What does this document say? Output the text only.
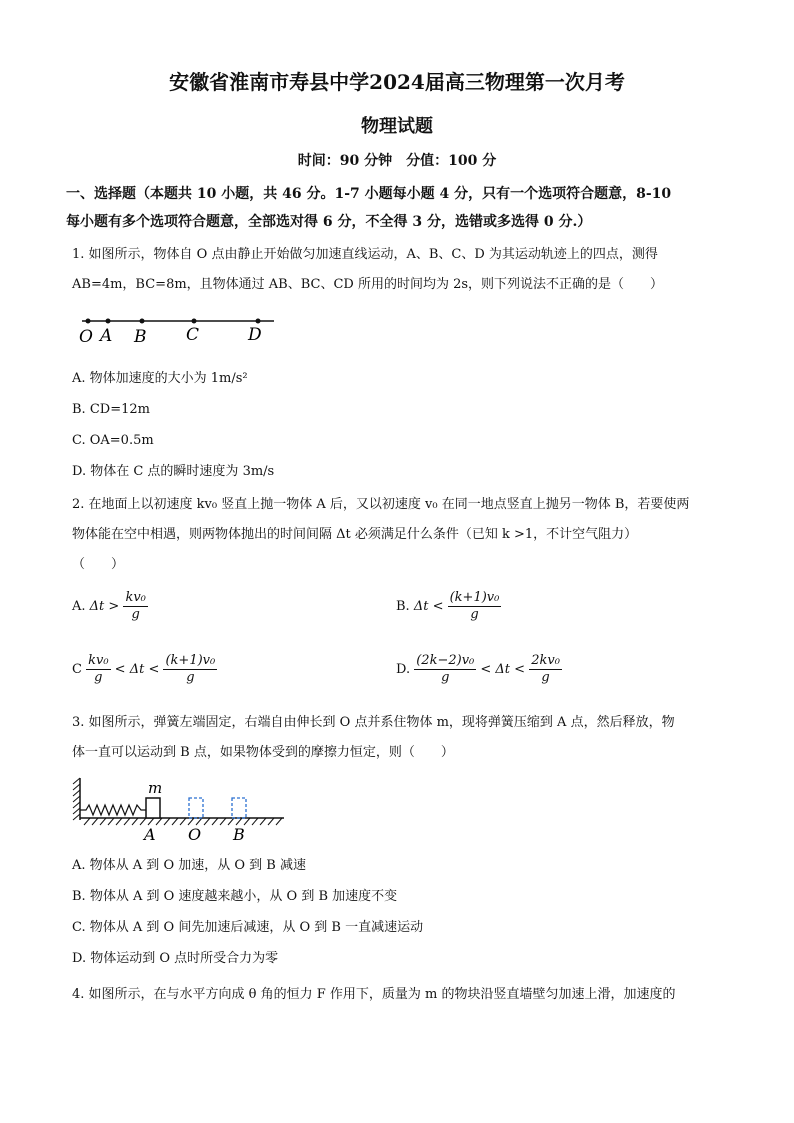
安徽省淮南市寿县中学2024届高三物理第一次月考
物理试题
时间：90 分钟　分值：100 分
一、选择题（本题共 10 小题，共 46 分。1-7 小题每小题 4 分，只有一个选项符合题意，8-10
每小题有多个选项符合题意，全部选对得 6 分，不全得 3 分，选错或多选得 0 分.）
1. 如图所示，物体自 O 点由静止开始做匀加速直线运动，A、B、C、D 为其运动轨迹上的四点，测得
AB=4m，BC=8m，且物体通过 AB、BC、CD 所用的时间均为 2s，则下列说法不正确的是（　　）
O A B C	D
A. 物体加速度的大小为 1m/s²
B. CD=12m
C. OA=0.5m
D. 物体在 C 点的瞬时速度为 3m/s
2. 在地面上以初速度 kv₀ 竖直上抛一物体 A 后，又以初速度 v₀ 在同一地点竖直上抛另一物体 B，若要使两
物体能在空中相遇，则两物体抛出的时间间隔 Δt 必须满足什么条件（已知 k >1，不计空气阻力）
（　　）
A. $\Delta t > \frac{\text{kv₀}}{g}$	B. $\Delta t < \frac{\text{(k+1)v₀}}{g}$
C $\frac{\text{kv₀}}{g} < \Delta t < \frac{\text{(k+1)v₀}}{g}$	D. $\frac{\text{(2k−2)v₀}}{g} < \Delta t < \frac{\text{2kv₀}}{g}$
3. 如图所示，弹簧左端固定，右端自由伸长到 O 点并系住物体 m，现将弹簧压缩到 A 点，然后释放，物
体一直可以运动到 B 点，如果物体受到的摩擦力恒定，则（　　）
m
A O B
A. 物体从 A 到 O 加速，从 O 到 B 减速
B. 物体从 A 到 O 速度越来越小，从 O 到 B 加速度不变
C. 物体从 A 到 O 间先加速后减速，从 O 到 B 一直减速运动
D. 物体运动到 O 点时所受合力为零
4. 如图所示，在与水平方向成 θ 角的恒力 F 作用下，质量为 m 的物块沿竖直墙壁匀加速上滑，加速度的
